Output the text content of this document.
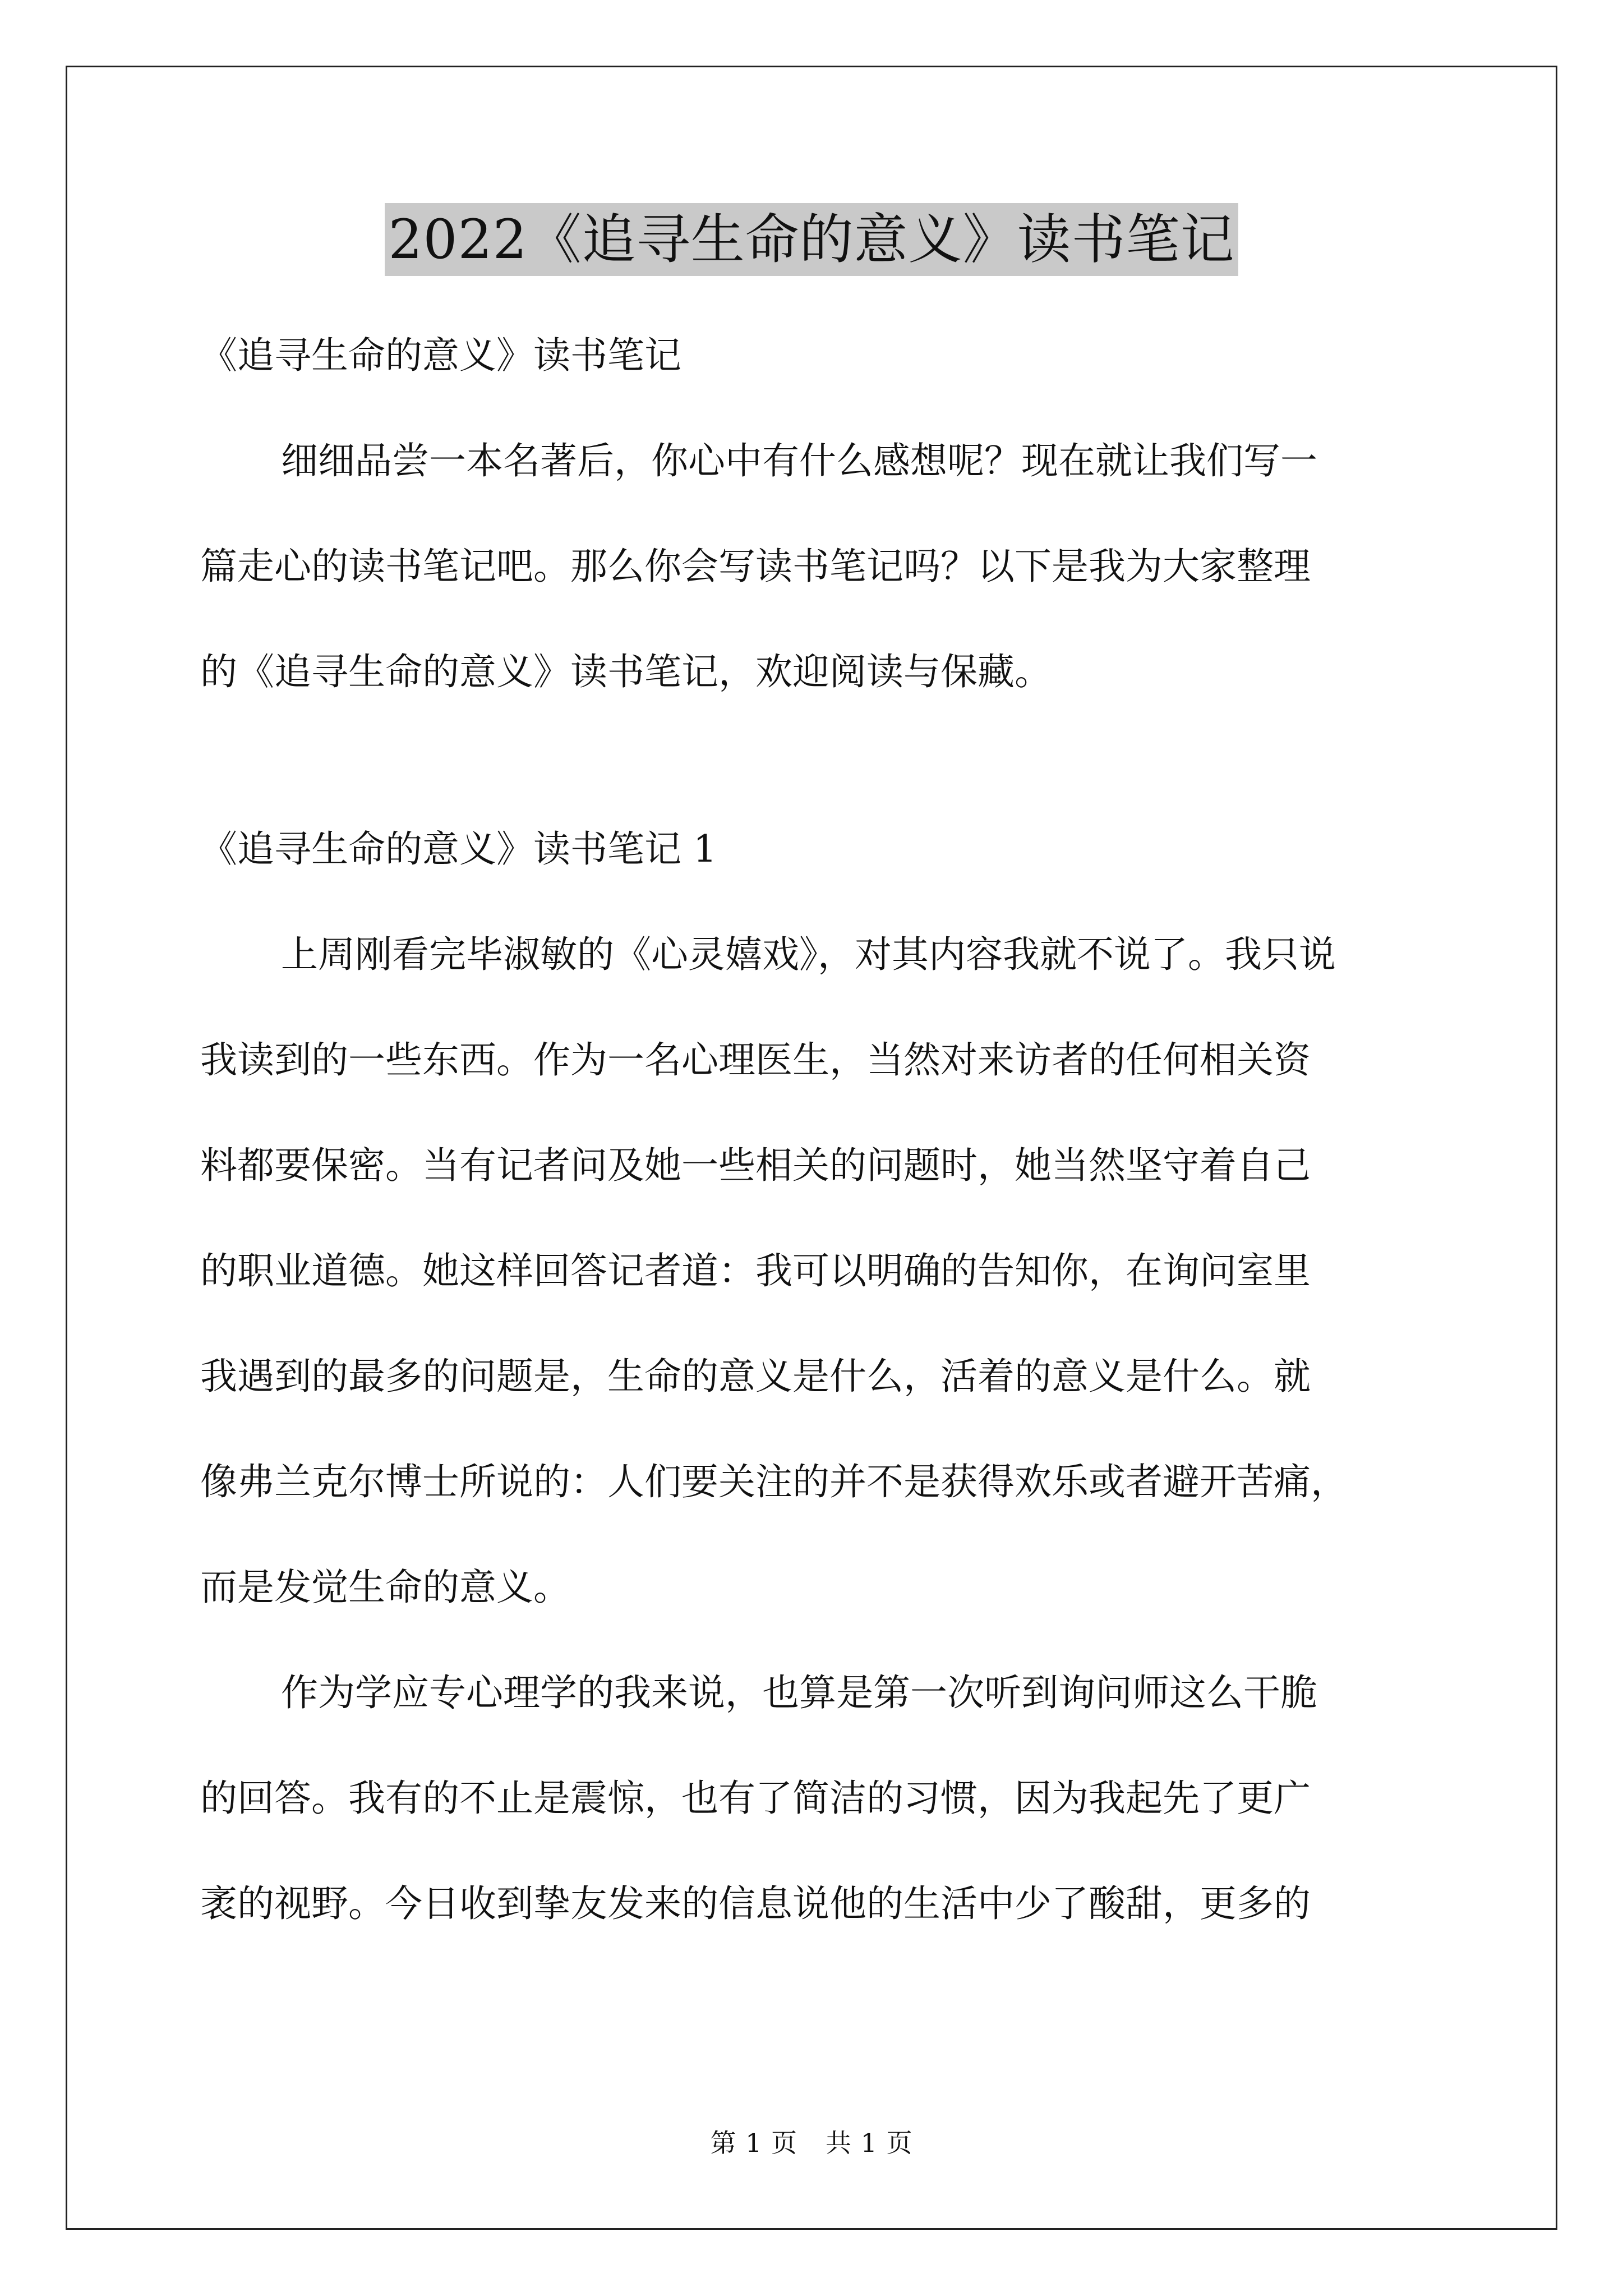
2022《追寻生命的意义》读书笔记
《追寻生命的意义》读书笔记
细细品尝一本名著后，你心中有什么感想呢？现在就让我们写一
篇走心的读书笔记吧。那么你会写读书笔记吗？以下是我为大家整理
的《追寻生命的意义》读书笔记，欢迎阅读与保藏。
《追寻生命的意义》读书笔记 1
上周刚看完毕淑敏的《心灵嬉戏》，对其内容我就不说了。我只说
我读到的一些东西。作为一名心理医生，当然对来访者的任何相关资
料都要保密。当有记者问及她一些相关的问题时，她当然坚守着自己
的职业道德。她这样回答记者道：我可以明确的告知你，在询问室里
我遇到的最多的问题是，生命的意义是什么，活着的意义是什么。就
像弗兰克尔博士所说的：人们要关注的并不是获得欢乐或者避开苦痛，
而是发觉生命的意义。
作为学应专心理学的我来说，也算是第一次听到询问师这么干脆
的回答。我有的不止是震惊，也有了简洁的习惯，因为我起先了更广
袤的视野。今日收到挚友发来的信息说他的生活中少了酸甜，更多的
第 1 页 共 1 页
